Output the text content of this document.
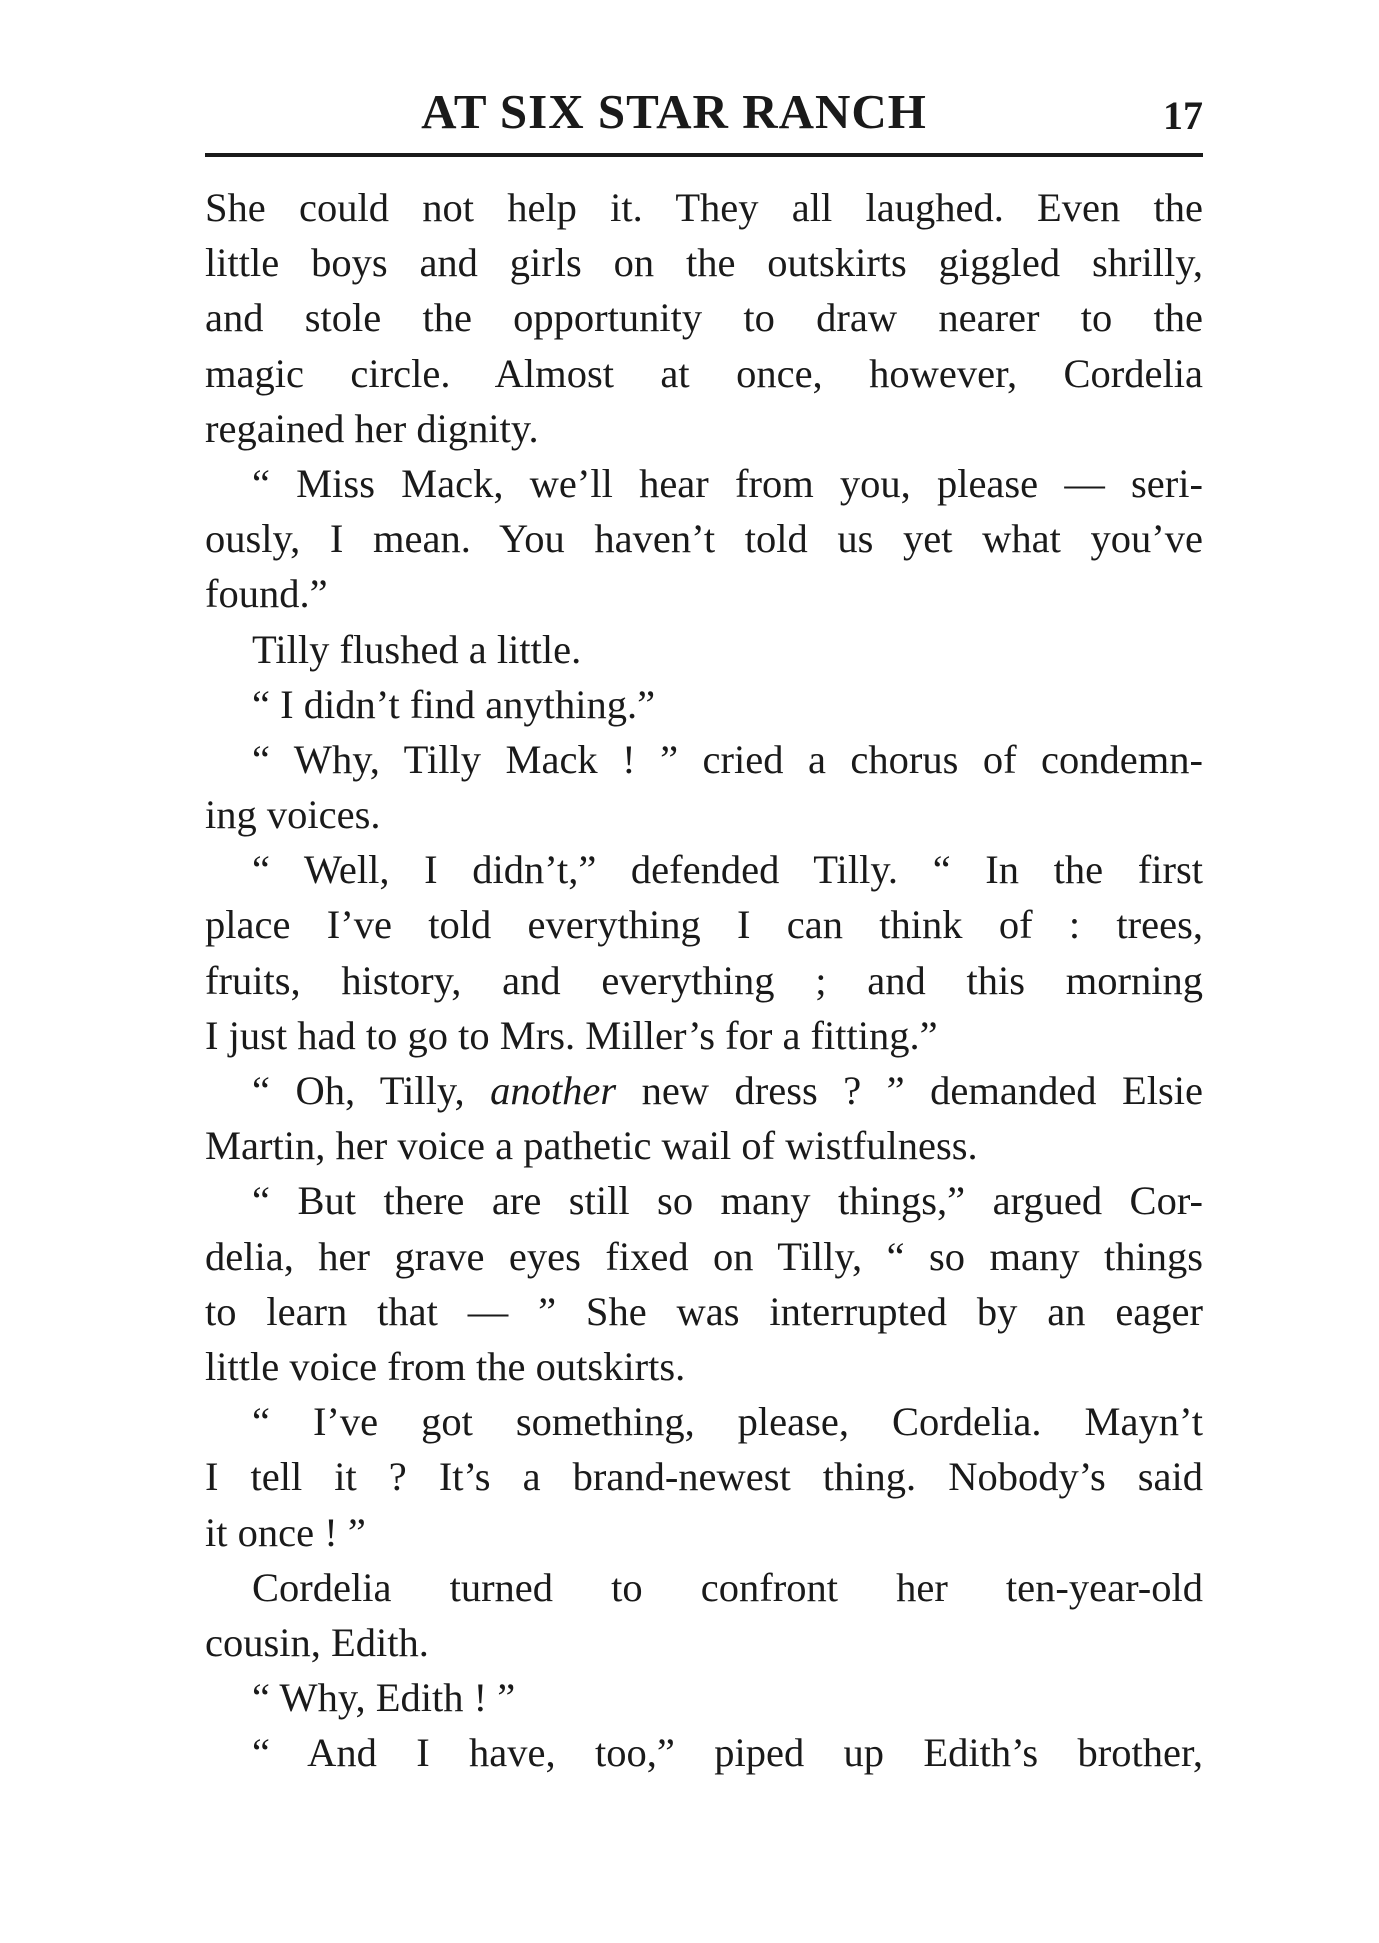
AT SIX STAR RANCH	17
She could not help it. They all laughed. Even the
little boys and girls on the outskirts giggled shrilly,
and stole the opportunity to draw nearer to the
magic circle. Almost at once, however, Cordelia
regained her dignity.
“ Miss Mack, we’ll hear from you, please — seri-
ously, I mean. You haven’t told us yet what you’ve
found.”
Tilly flushed a little.
“ I didn’t find anything.”
“ Why, Tilly Mack ! ” cried a chorus of condemn-
ing voices.
“ Well, I didn’t,” defended Tilly. “ In the first
place I’ve told everything I can think of : trees,
fruits, history, and everything ; and this morning
I just had to go to Mrs. Miller’s for a fitting.”
“ Oh, Tilly, another new dress ? ” demanded Elsie
Martin, her voice a pathetic wail of wistfulness.
“ But there are still so many things,” argued Cor-
delia, her grave eyes fixed on Tilly, “ so many things
to learn that — ” She was interrupted by an eager
little voice from the outskirts.
“ I’ve got something, please, Cordelia. Mayn’t
I tell it ? It’s a brand-newest thing. Nobody’s said
it once ! ”
Cordelia turned to confront her ten-year-old
cousin, Edith.
“ Why, Edith ! ”
“ And I have, too,” piped up Edith’s brother,
